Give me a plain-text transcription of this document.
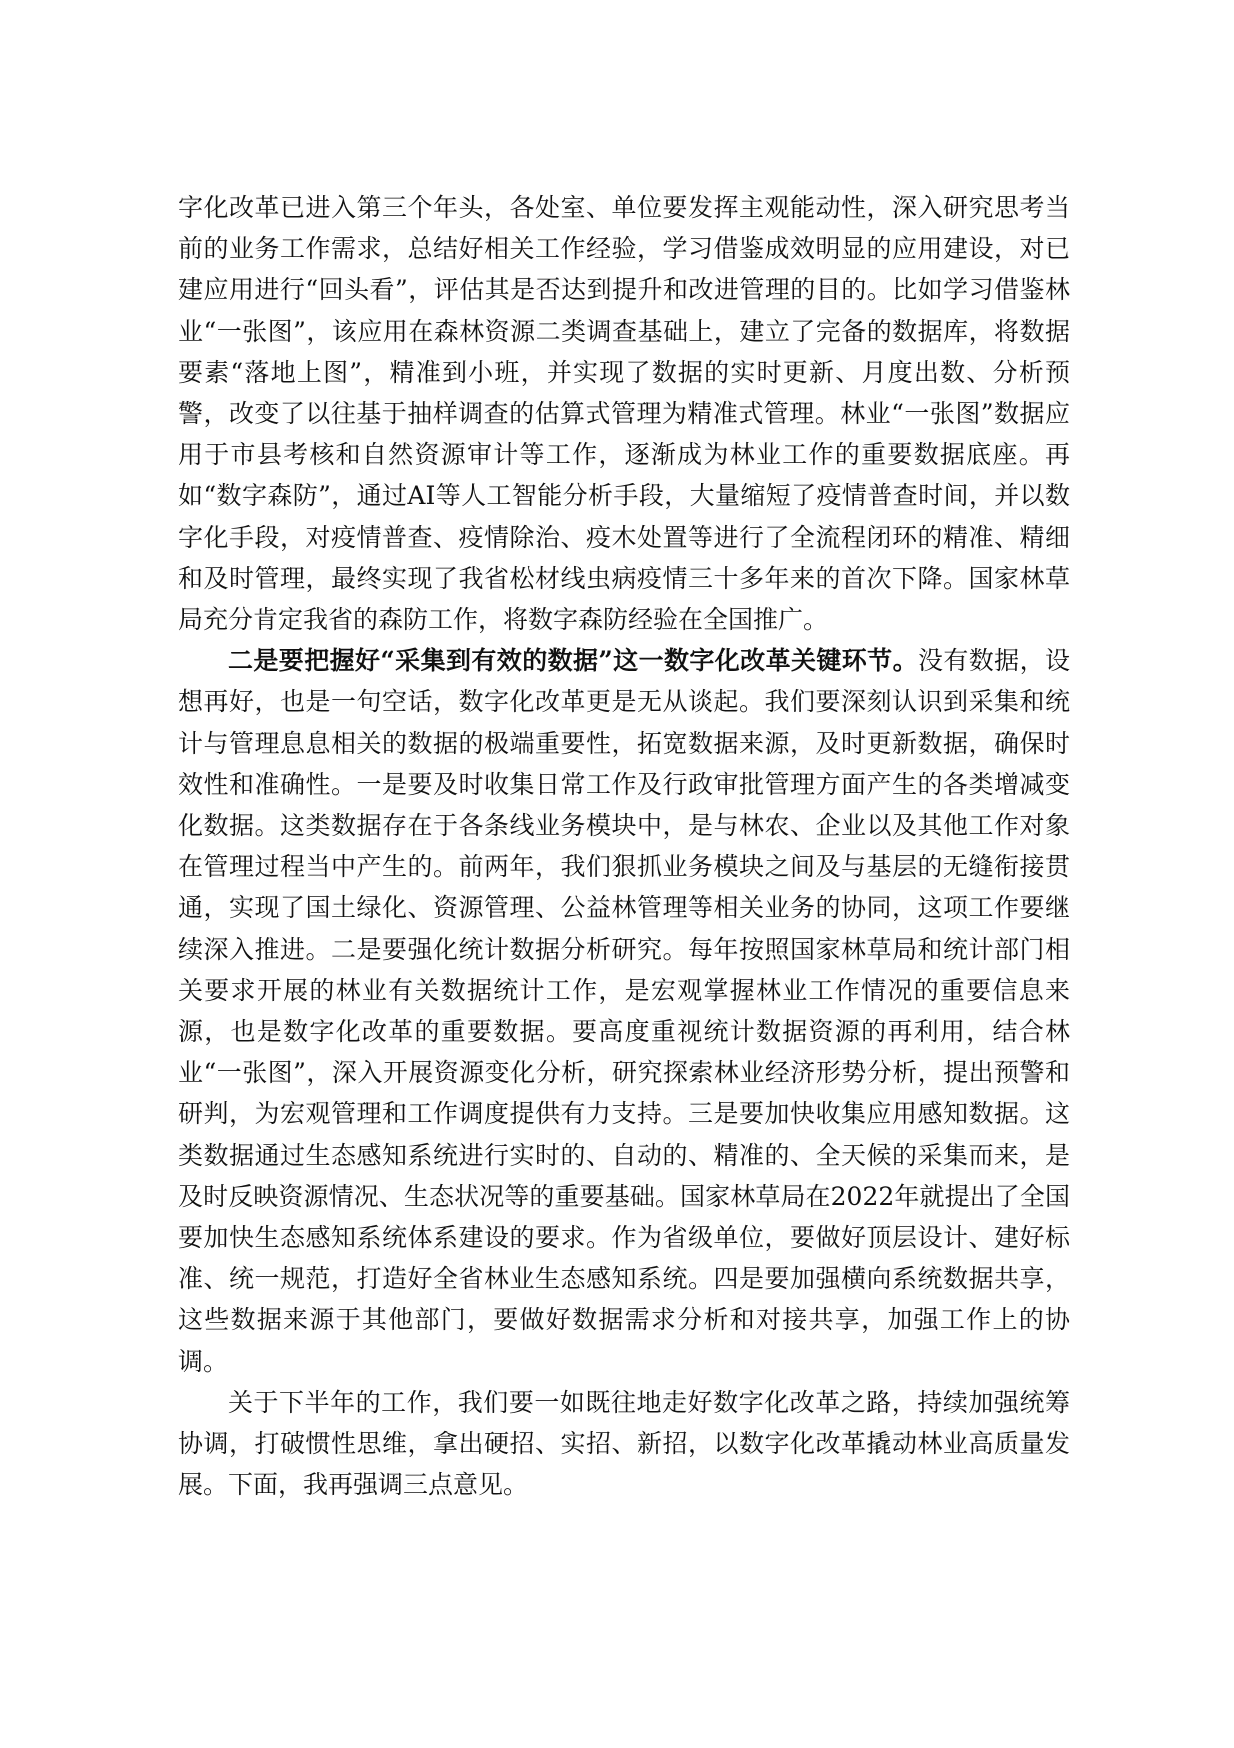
字化改革已进入第三个年头，各处室、单位要发挥主观能动性，深入研究思考当前的业务工作需求，总结好相关工作经验，学习借鉴成效明显的应用建设，对已建应用进行“回头看”，评估其是否达到提升和改进管理的目的。比如学习借鉴林业“一张图”，该应用在森林资源二类调查基础上，建立了完备的数据库，将数据要素“落地上图”，精准到小班，并实现了数据的实时更新、月度出数、分析预警，改变了以往基于抽样调查的估算式管理为精准式管理。林业“一张图”数据应用于市县考核和自然资源审计等工作，逐渐成为林业工作的重要数据底座。再如“数字森防”，通过AI等人工智能分析手段，大量缩短了疫情普查时间，并以数字化手段，对疫情普查、疫情除治、疫木处置等进行了全流程闭环的精准、精细和及时管理，最终实现了我省松材线虫病疫情三十多年来的首次下降。国家林草局充分肯定我省的森防工作，将数字森防经验在全国推广。

二是要把握好“采集到有效的数据”这一数字化改革关键环节。没有数据，设想再好，也是一句空话，数字化改革更是无从谈起。我们要深刻认识到采集和统计与管理息息相关的数据的极端重要性，拓宽数据来源，及时更新数据，确保时效性和准确性。一是要及时收集日常工作及行政审批管理方面产生的各类增减变化数据。这类数据存在于各条线业务模块中，是与林农、企业以及其他工作对象在管理过程当中产生的。前两年，我们狠抓业务模块之间及与基层的无缝衔接贯通，实现了国土绿化、资源管理、公益林管理等相关业务的协同，这项工作要继续深入推进。二是要强化统计数据分析研究。每年按照国家林草局和统计部门相关要求开展的林业有关数据统计工作，是宏观掌握林业工作情况的重要信息来源，也是数字化改革的重要数据。要高度重视统计数据资源的再利用，结合林业“一张图”，深入开展资源变化分析，研究探索林业经济形势分析，提出预警和研判，为宏观管理和工作调度提供有力支持。三是要加快收集应用感知数据。这类数据通过生态感知系统进行实时的、自动的、精准的、全天候的采集而来，是及时反映资源情况、生态状况等的重要基础。国家林草局在2022年就提出了全国要加快生态感知系统体系建设的要求。作为省级单位，要做好顶层设计、建好标准、统一规范，打造好全省林业生态感知系统。四是要加强横向系统数据共享，这些数据来源于其他部门，要做好数据需求分析和对接共享，加强工作上的协调。

关于下半年的工作，我们要一如既往地走好数字化改革之路，持续加强统筹协调，打破惯性思维，拿出硬招、实招、新招，以数字化改革撬动林业高质量发展。下面，我再强调三点意见。
